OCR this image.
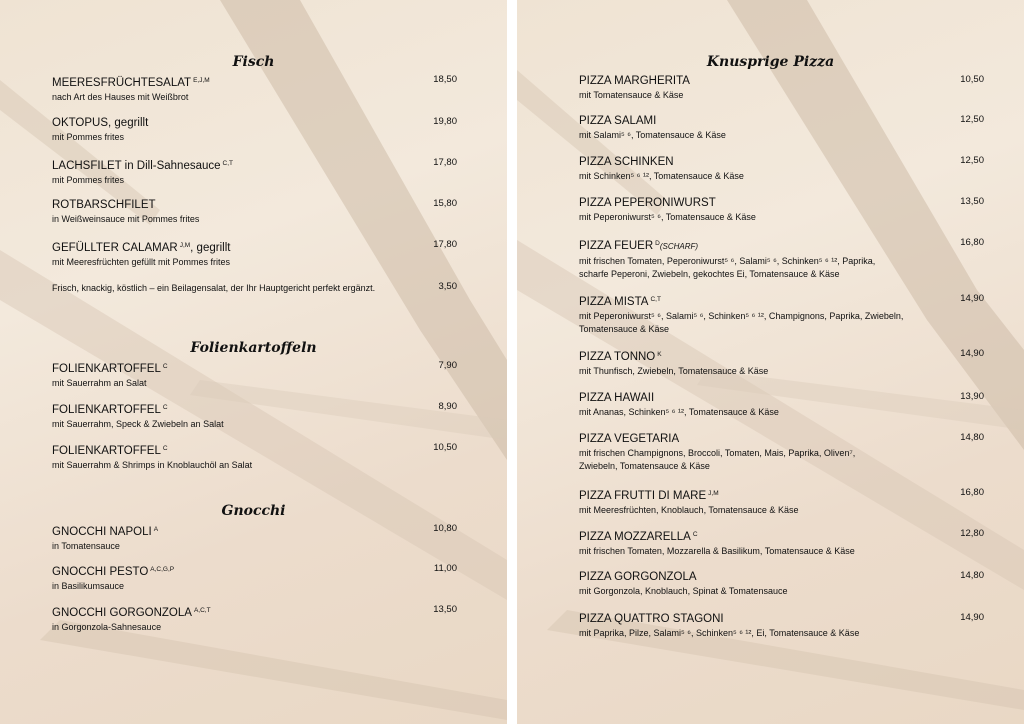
Fisch
MEERESFRÜCHTESALAT $^{E,J,M}$
nach Art des Hauses mit Weißbrot
18,50
OKTOPUS, gegrillt
mit Pommes frites
19,80
LACHSFILET in Dill-Sahnesauce $^{C,T}$
mit Pommes frites
17,80
ROTBARSCHFILET
in Weißweinsauce mit Pommes frites
15,80
GEFÜLLTER CALAMAR $^{J,M}$, gegrillt
mit Meeresfrüchten gefüllt mit Pommes frites
17,80
Frisch, knackig, köstlich – ein Beilagensalat, der Ihr Hauptgericht perfekt ergänzt.	3,50
Folienkartoffeln
FOLIENKARTOFFEL $^C$
mit Sauerrahm an Salat
7,90
FOLIENKARTOFFEL $^C$
mit Sauerrahm, Speck & Zwiebeln an Salat
8,90
FOLIENKARTOFFEL $^C$
mit Sauerrahm & Shrimps in Knoblauchöl an Salat
10,50
Gnocchi
GNOCCHI NAPOLI $^A$
in Tomatensauce
10,80
GNOCCHI PESTO $^{A,C,G,P}$
in Basilikumsauce
11,00
GNOCCHI GORGONZOLA $^{A,C,T}$
in Gorgonzola-Sahnesauce
13,50
Knusprige Pizza
PIZZA MARGHERITA
mit Tomatensauce & Käse
10,50
PIZZA SALAMI
mit Salami⁵ ⁶, Tomatensauce & Käse
12,50
PIZZA SCHINKEN
mit Schinken⁵ ⁶ ¹², Tomatensauce & Käse
12,50
PIZZA PEPERONIWURST
mit Peperoniwurst⁵ ⁶, Tomatensauce & Käse
13,50
PIZZA FEUER $^D$(SCHARF)
mit frischen Tomaten, Peperoniwurst⁵ ⁶, Salami⁵ ⁶, Schinken⁵ ⁶ ¹², Paprika,
scharfe Peperoni, Zwiebeln, gekochtes Ei, Tomatensauce & Käse
16,80
PIZZA MISTA $^{C,T}$
mit Peperoniwurst⁵ ⁶, Salami⁵ ⁶, Schinken⁵ ⁶ ¹², Champignons, Paprika, Zwiebeln,
Tomatensauce & Käse
14,90
PIZZA TONNO $^K$
mit Thunfisch, Zwiebeln, Tomatensauce & Käse
14,90
PIZZA HAWAII
mit Ananas, Schinken⁵ ⁶ ¹², Tomatensauce & Käse
13,90
PIZZA VEGETARIA
mit frischen Champignons, Broccoli, Tomaten, Mais, Paprika, Oliven⁷,
Zwiebeln, Tomatensauce & Käse
14,80
PIZZA FRUTTI DI MARE $^{J,M}$
mit Meeresfrüchten, Knoblauch, Tomatensauce & Käse
16,80
PIZZA MOZZARELLA $^C$
mit frischen Tomaten, Mozzarella & Basilikum, Tomatensauce & Käse
12,80
PIZZA GORGONZOLA
mit Gorgonzola, Knoblauch, Spinat & Tomatensauce
14,80
PIZZA QUATTRO STAGONI
mit Paprika, Pilze, Salami⁵ ⁶, Schinken⁵ ⁶ ¹², Ei, Tomatensauce & Käse
14,90
